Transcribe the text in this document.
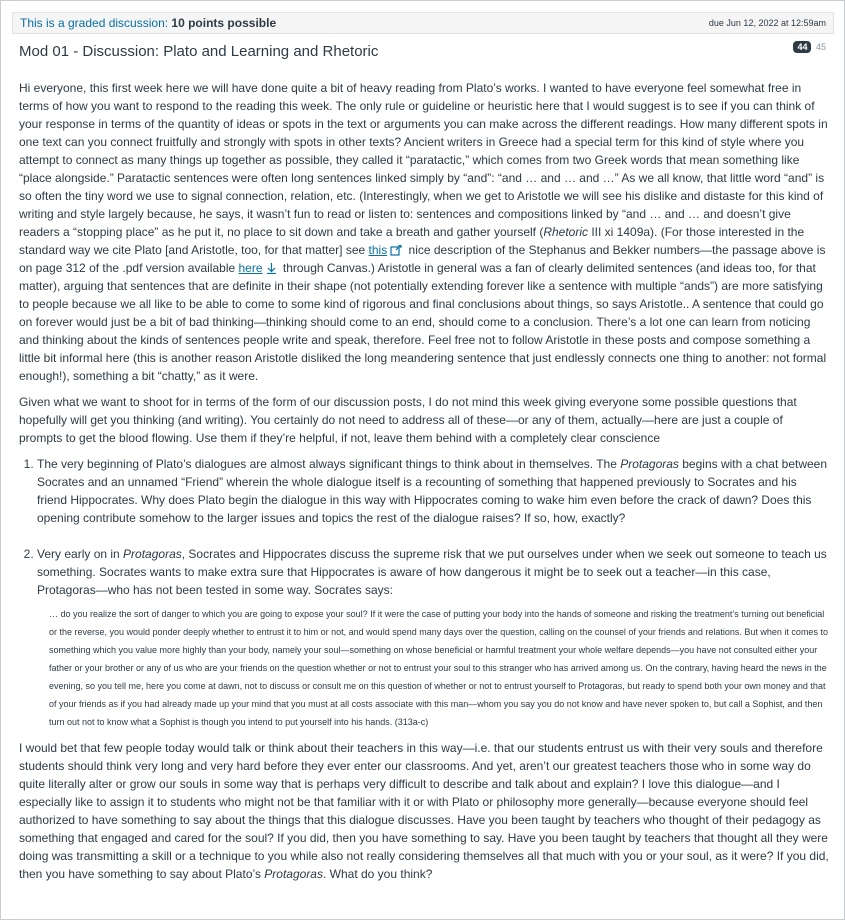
This is a graded discussion: 10 points possible	due Jun 12, 2022 at 12:59am
Mod 01 - Discussion: Plato and Learning and Rhetoric	44 45

Hi everyone, this first week here we will have done quite a bit of heavy reading from Plato’s works. I wanted to have everyone feel somewhat free in terms of how you want to respond to the reading this week. The only rule or guideline or heuristic here that I would suggest is to see if you can think of your response in terms of the quantity of ideas or spots in the text or arguments you can make across the different readings. How many different spots in one text can you connect fruitfully and strongly with spots in other texts? Ancient writers in Greece had a special term for this kind of style where you attempt to connect as many things up together as possible, they called it “paratactic,” which comes from two Greek words that mean something like “place alongside.” Paratactic sentences were often long sentences linked simply by “and”: “and … and … and …” As we all know, that little word “and” is so often the tiny word we use to signal connection, relation, etc. (Interestingly, when we get to Aristotle we will see his dislike and distaste for this kind of writing and style largely because, he says, it wasn’t fun to read or listen to: sentences and compositions linked by “and … and … and doesn’t give readers a “stopping place” as he put it, no place to sit down and take a breath and gather yourself (Rhetoric III xi 1409a). (For those interested in the standard way we cite Plato [and Aristotle, too, for that matter] see this
nice description of the Stephanus and Bekker numbers—the passage above is on page 312 of the .pdf version available here
through Canvas.) Aristotle in general was a fan of clearly delimited sentences (and ideas too, for that matter), arguing that sentences that are definite in their shape (not potentially extending forever like a sentence with multiple “ands”) are more satisfying to people because we all like to be able to come to some kind of rigorous and final conclusions about things, so says Aristotle.. A sentence that could go on forever would just be a bit of bad thinking—thinking should come to an end, should come to a conclusion. There’s a lot one can learn from noticing and thinking about the kinds of sentences people write and speak, therefore. Feel free not to follow Aristotle in these posts and compose something a little bit informal here (this is another reason Aristotle disliked the long meandering sentence that just endlessly connects one thing to another: not formal enough!), something a bit “chatty,” as it were.

Given what we want to shoot for in terms of the form of our discussion posts, I do not mind this week giving everyone some possible questions that hopefully will get you thinking (and writing). You certainly do not need to address all of these—or any of them, actually—here are just a couple of prompts to get the blood flowing. Use them if they’re helpful, if not, leave them behind with a completely clear conscience

1. The very beginning of Plato’s dialogues are almost always significant things to think about in themselves. The Protagoras begins with a chat between Socrates and an unnamed “Friend” wherein the whole dialogue itself is a recounting of something that happened previously to Socrates and his friend Hippocrates. Why does Plato begin the dialogue in this way with Hippocrates coming to wake him even before the crack of dawn? Does this opening contribute somehow to the larger issues and topics the rest of the dialogue raises? If so, how, exactly?
2. Very early on in Protagoras, Socrates and Hippocrates discuss the supreme risk that we put ourselves under when we seek out someone to teach us something. Socrates wants to make extra sure that Hippocrates is aware of how dangerous it might be to seek out a teacher—in this case, Protagoras—who has not been tested in some way. Socrates says:
… do you realize the sort of danger to which you are going to expose your soul? If it were the case of putting your body into the hands of someone and risking the treatment’s turning out beneficial or the reverse, you would ponder deeply whether to entrust it to him or not, and would spend many days over the question, calling on the counsel of your friends and relations. But when it comes to something which you value more highly than your body, namely your soul—something on whose beneficial or harmful treatment your whole welfare depends—you have not consulted either your father or your brother or any of us who are your friends on the question whether or not to entrust your soul to this stranger who has arrived among us. On the contrary, having heard the news in the evening, so you tell me, here you come at dawn, not to discuss or consult me on this question of whether or not to entrust yourself to Protagoras, but ready to spend both your own money and that of your friends as if you had already made up your mind that you must at all costs associate with this man—whom you say you do not know and have never spoken to, but call a Sophist, and then turn out not to know what a Sophist is though you intend to put yourself into his hands. (313a-c)

I would bet that few people today would talk or think about their teachers in this way—i.e. that our students entrust us with their very souls and therefore students should think very long and very hard before they ever enter our classrooms. And yet, aren’t our greatest teachers those who in some way do quite literally alter or grow our souls in some way that is perhaps very difficult to describe and talk about and explain? I love this dialogue—and I especially like to assign it to students who might not be that familiar with it or with Plato or philosophy more generally—because everyone should feel authorized to have something to say about the things that this dialogue discusses. Have you been taught by teachers who thought of their pedagogy as something that engaged and cared for the soul? If you did, then you have something to say. Have you been taught by teachers that thought all they were doing was transmitting a skill or a technique to you while also not really considering themselves all that much with you or your soul, as it were? If you did, then you have something to say about Plato’s Protagoras. What do you think?
